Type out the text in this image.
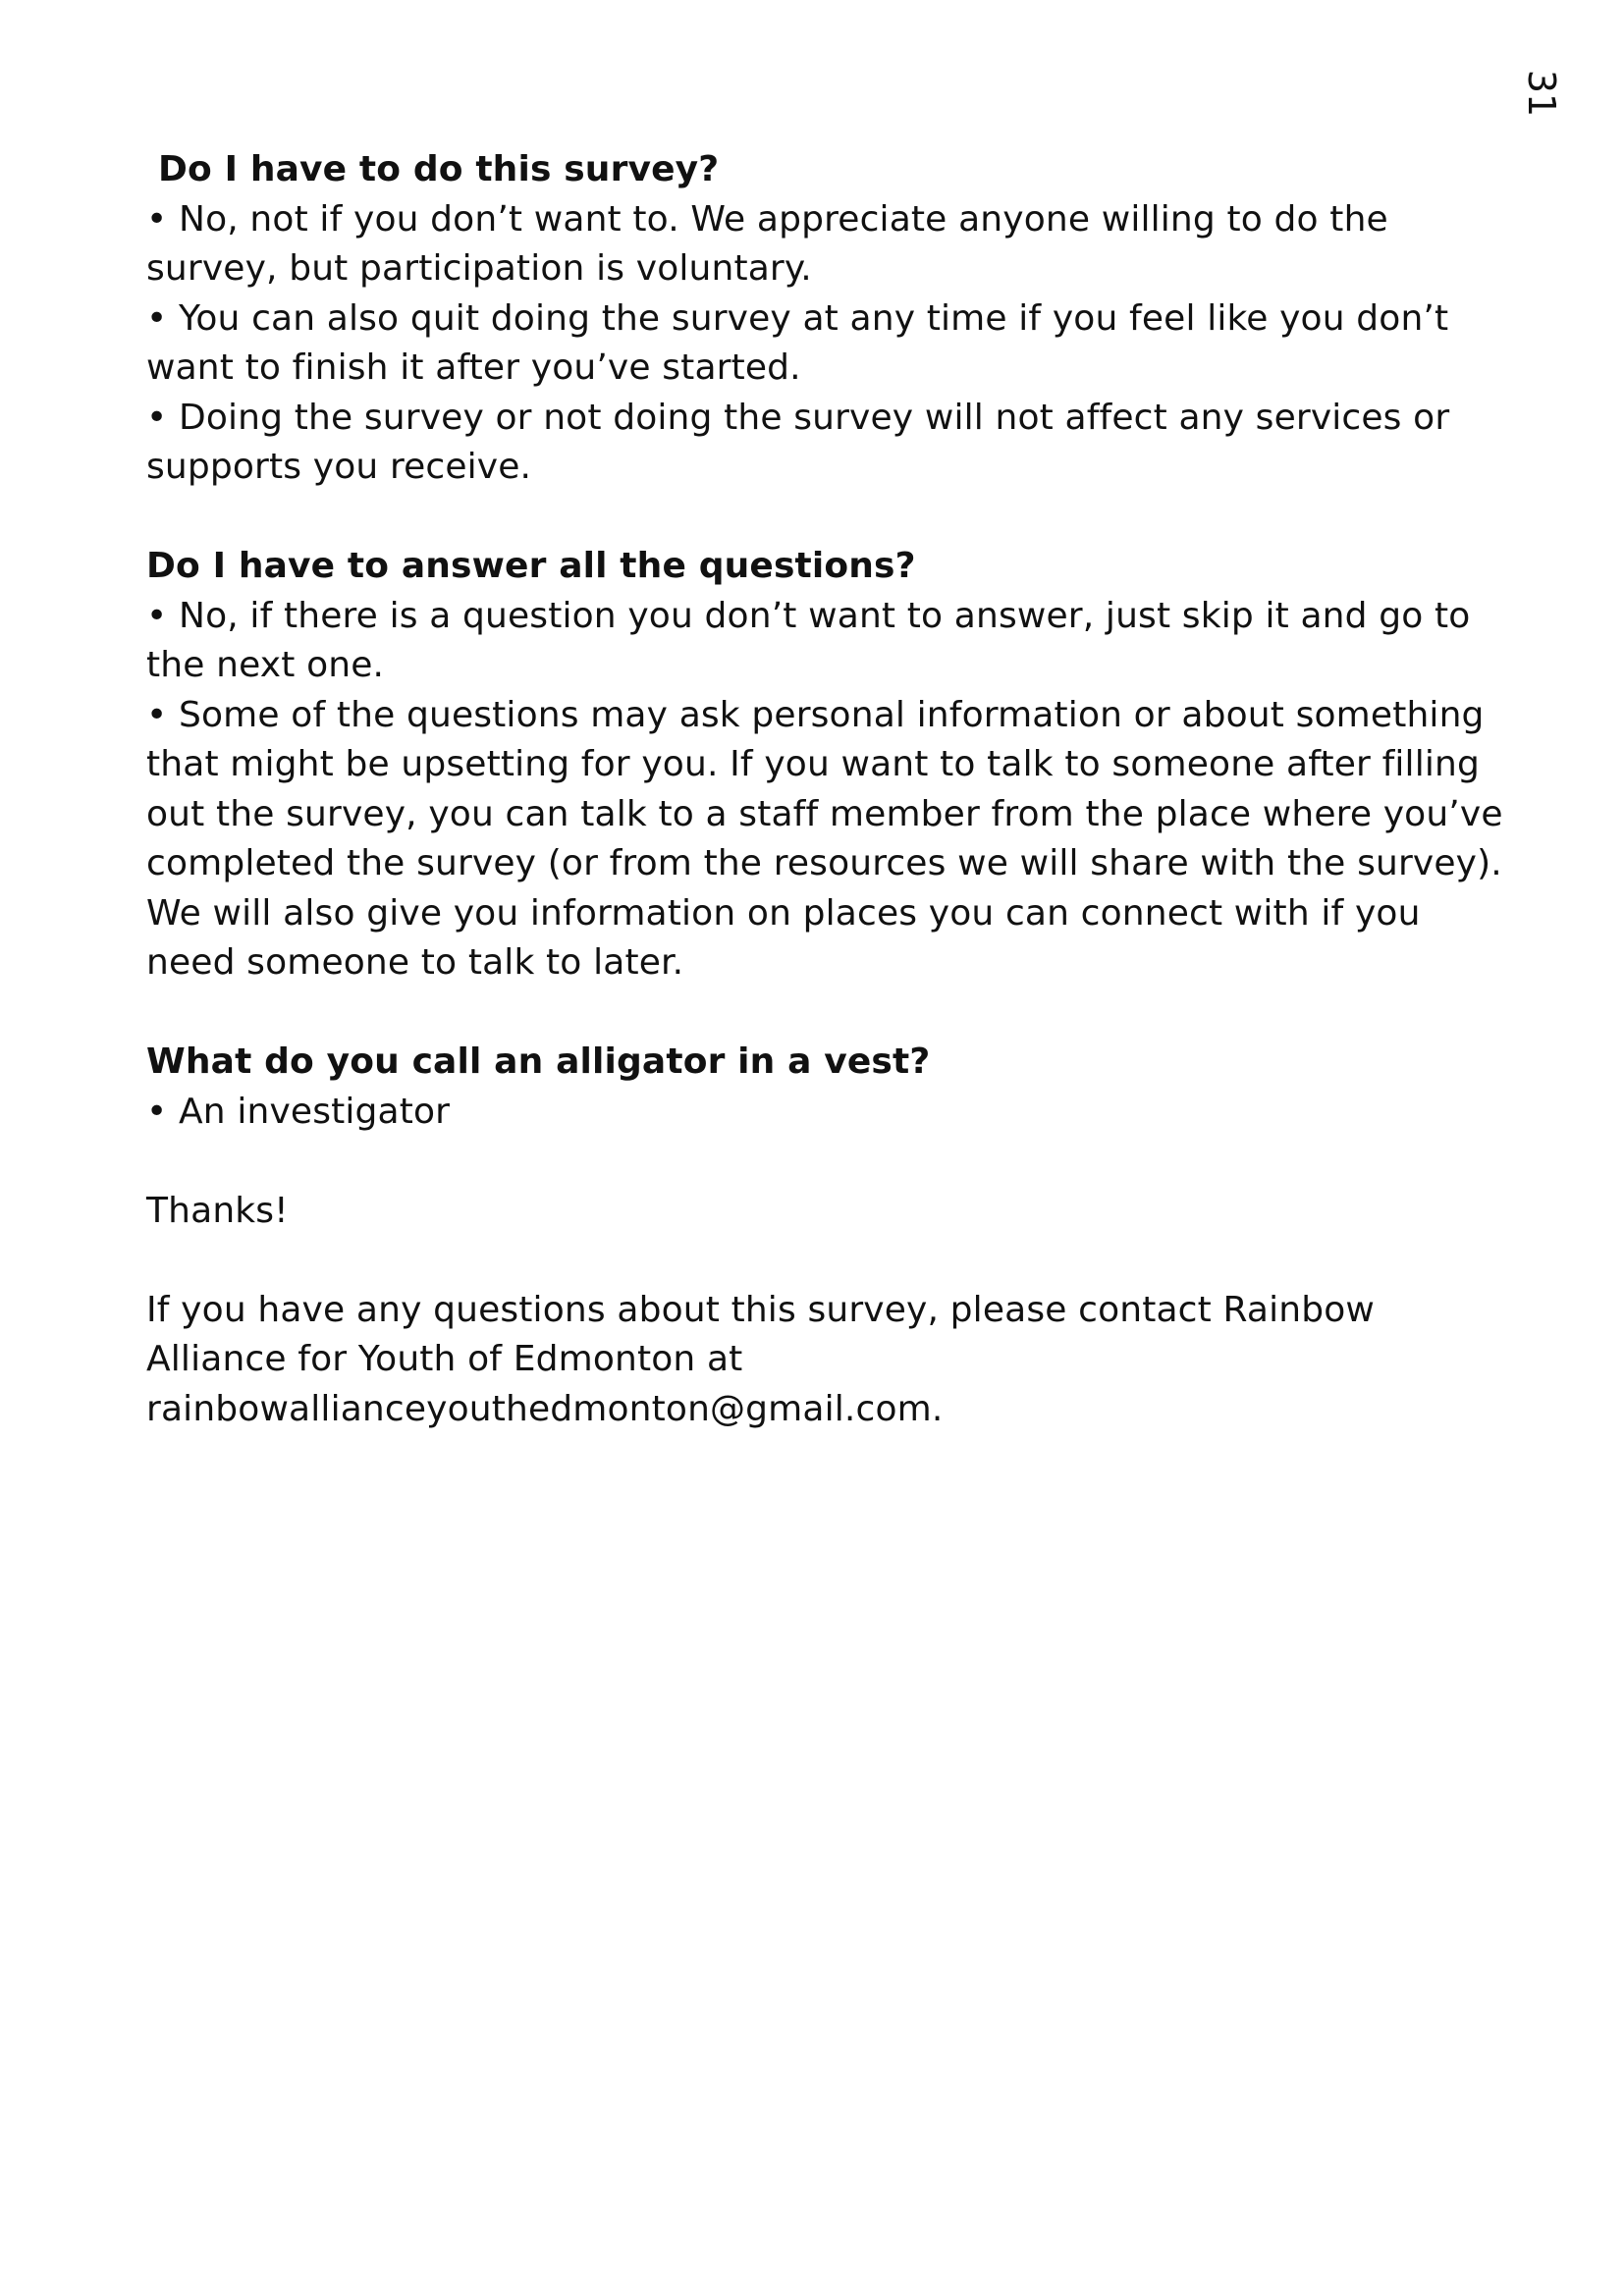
31
Do I have to do this survey?
• No, not if you don’t want to. We appreciate anyone willing to do the survey, but participation is voluntary.
• You can also quit doing the survey at any time if you feel like you don’t want to finish it after you’ve started.
• Doing the survey or not doing the survey will not affect any services or supports you receive.
Do I have to answer all the questions?
• No, if there is a question you don’t want to answer, just skip it and go to the next one.
• Some of the questions may ask personal information or about something that might be upsetting for you. If you want to talk to someone after filling out the survey, you can talk to a staff member from the place where you’ve completed the survey (or from the resources we will share with the survey). We will also give you information on places you can connect with if you need someone to talk to later.
What do you call an alligator in a vest?
• An investigator

Thanks!

If you have any questions about this survey, please contact Rainbow Alliance for Youth of Edmonton at rainbowallianceyouthedmonton@gmail.com.
